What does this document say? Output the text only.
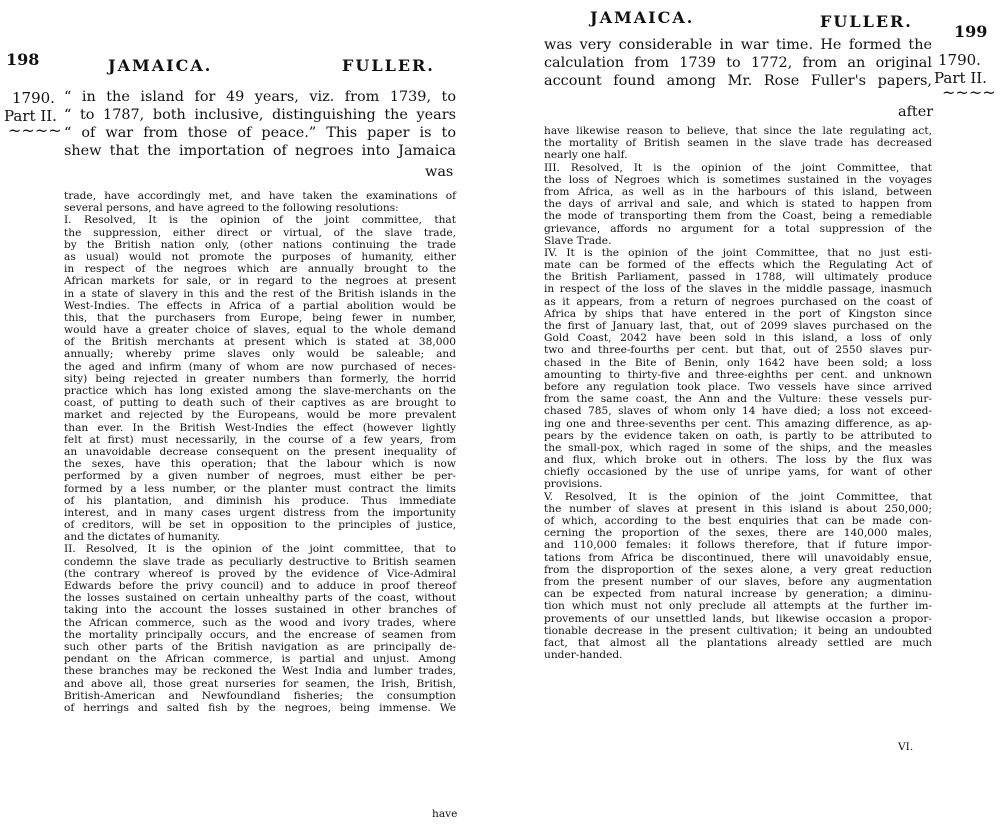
198	JAMAICA.	FULLER.
1790.
Part II.
~~~~
“ in the island for 49 years, viz. from 1739, to
“ to 1787, both inclusive, distinguishing the years
“ of war from those of peace.” This paper is to
shew that the importation of negroes into Jamaica
was
trade, have accordingly met, and have taken the examinations of
several persons, and have agreed to the following resolutions:
I. Resolved, It is the opinion of the joint committee, that
the suppression, either direct or virtual, of the slave trade,
by the British nation only, (other nations continuing the trade
as usual) would not promote the purposes of humanity, either
in respect of the negroes which are annually brought to the
African markets for sale, or in regard to the negroes at present
in a state of slavery in this and the rest of the British islands in the
West-Indies. The effects in Africa of a partial abolition would be
this, that the purchasers from Europe, being fewer in number,
would have a greater choice of slaves, equal to the whole demand
of the British merchants at present which is stated at 38,000
annually; whereby prime slaves only would be saleable; and
the aged and infirm (many of whom are now purchased of neces-
sity) being rejected in greater numbers than formerly, the horrid
practice which has long existed among the slave-merchants on the
coast, of putting to death such of their captives as are brought to
market and rejected by the Europeans, would be more prevalent
than ever. In the British West-Indies the effect (however lightly
felt at first) must necessarily, in the course of a few years, from
an unavoidable decrease consequent on the present inequality of
the sexes, have this operation; that the labour which is now
performed by a given number of negroes, must either be per-
formed by a less number, or the planter must contract the limits
of his plantation, and diminish his produce. Thus immediate
interest, and in many cases urgent distress from the importunity
of creditors, will be set in opposition to the principles of justice,
and the dictates of humanity.
II. Resolved, It is the opinion of the joint committee, that to
condemn the slave trade as peculiarly destructive to British seamen
(the contrary whereof is proved by the evidence of Vice-Admiral
Edwards before the privy council) and to adduce in proof thereof
the losses sustained on certain unhealthy parts of the coast, without
taking into the account the losses sustained in other branches of
the African commerce, such as the wood and ivory trades, where
the mortality principally occurs, and the encrease of seamen from
such other parts of the British navigation as are principally de-
pendant on the African commerce, is partial and unjust. Among
these branches may be reckoned the West India and lumber trades,
and above all, those great nurseries for seamen, the Irish, British,
British-American and Newfoundland fisheries; the consumption
of herrings and salted fish by the negroes, being immense. We
have
JAMAICA.	FULLER.
199
1790.
Part II.
~~~~
was very considerable in war time. He formed the
calculation from 1739 to 1772, from an original
account found among Mr. Rose Fuller's papers,
after
have likewise reason to believe, that since the late regulating act,
the mortality of British seamen in the slave trade has decreased
nearly one half.
III. Resolved, It is the opinion of the joint Committee, that
the loss of Negroes which is sometimes sustained in the voyages
from Africa, as well as in the harbours of this island, between
the days of arrival and sale, and which is stated to happen from
the mode of transporting them from the Coast, being a remediable
grievance, affords no argument for a total suppression of the
Slave Trade.
IV. It is the opinion of the joint Committee, that no just esti-
mate can be formed of the effects which the Regulating Act of
the British Parliament, passed in 1788, will ultimately produce
in respect of the loss of the slaves in the middle passage, inasmuch
as it appears, from a return of negroes purchased on the coast of
Africa by ships that have entered in the port of Kingston since
the first of January last, that, out of 2099 slaves purchased on the
Gold Coast, 2042 have been sold in this island, a loss of only
two and three-fourths per cent. but that, out of 2550 slaves pur-
chased in the Bite of Benin, only 1642 have been sold; a loss
amounting to thirty-five and three-eighths per cent. and unknown
before any regulation took place. Two vessels have since arrived
from the same coast, the Ann and the Vulture: these vessels pur-
chased 785, slaves of whom only 14 have died; a loss not exceed-
ing one and three-sevenths per cent. This amazing difference, as ap-
pears by the evidence taken on oath, is partly to be attributed to
the small-pox, which raged in some of the ships, and the measles
and flux, which broke out in others. The loss by the flux was
chiefly occasioned by the use of unripe yams, for want of other
provisions.
V. Resolved, It is the opinion of the joint Committee, that
the number of slaves at present in this island is about 250,000;
of which, according to the best enquiries that can be made con-
cerning the proportion of the sexes, there are 140,000 males,
and 110,000 females: it follows therefore, that if future impor-
tations from Africa be discontinued, there will unavoidably ensue,
from the disproportion of the sexes alone, a very great reduction
from the present number of our slaves, before any augmentation
can be expected from natural increase by generation; a diminu-
tion which must not only preclude all attempts at the further im-
provements of our unsettled lands, but likewise occasion a propor-
tionable decrease in the present cultivation; it being an undoubted
fact, that almost all the plantations already settled are much
under-handed.
VI.
